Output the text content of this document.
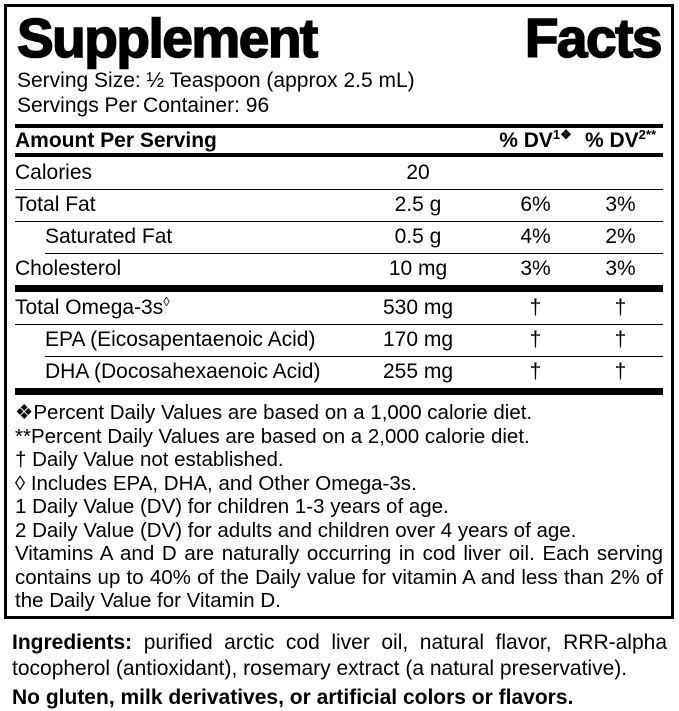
Supplement	Facts
Serving Size: ½ Teaspoon (approx 2.5 mL)
Servings Per Container: 96
Amount Per Serving	% $DV^{1❖}$ % $DV^{2**}$
Calories	20
Total Fat	2.5 g	6%	3%
Saturated Fat	0.5 g	4%	2%
Cholesterol	10 mg	3%	3%
Total Omega-3s◊	530 mg	†	†
EPA (Eicosapentaenoic Acid)	170 mg	†	†
DHA (Docosahexaenoic Acid)	255 mg	†	†
❖Percent Daily Values are based on a 1,000 calorie diet.
**Percent Daily Values are based on a 2,000 calorie diet.
† Daily Value not established.
◊ Includes EPA, DHA, and Other Omega-3s.
1 Daily Value (DV) for children 1-3 years of age.
2 Daily Value (DV) for adults and children over 4 years of age.
Vitamins A and D are naturally occurring in cod liver oil. Each serving contains up to 40% of the Daily value for vitamin A and less than 2% of the Daily Value for Vitamin D.

Ingredients: purified arctic cod liver oil, natural flavor, RRR-alpha tocopherol (antioxidant), rosemary extract (a natural preservative).

No gluten, milk derivatives, or artificial colors or flavors.
